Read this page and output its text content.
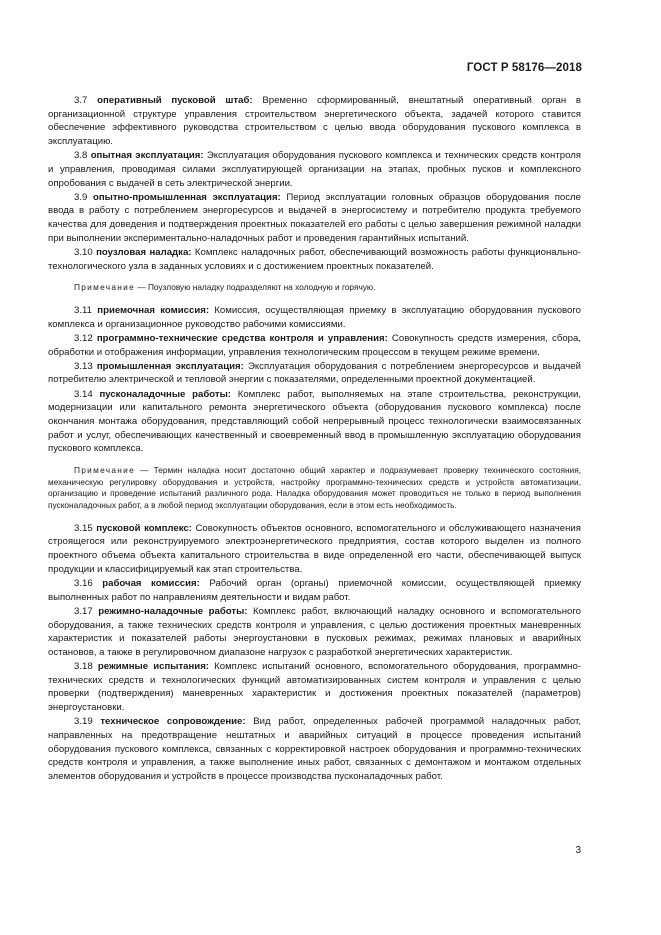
ГОСТ Р 58176—2018
3.7 оперативный пусковой штаб: Временно сформированный, внештатный оперативный орган в организационной структуре управления строительством энергетического объекта, задачей которого ставится обеспечение эффективного руководства строительством с целью ввода оборудования пускового комплекса в эксплуатацию.
3.8 опытная эксплуатация: Эксплуатация оборудования пускового комплекса и технических средств контроля и управления, проводимая силами эксплуатирующей организации на этапах, пробных пусков и комплексного опробования с выдачей в сеть электрической энергии.
3.9 опытно-промышленная эксплуатация: Период эксплуатации головных образцов оборудования после ввода в работу с потреблением энергоресурсов и выдачей в энергосистему и потребителю продукта требуемого качества для доведения и подтверждения проектных показателей его работы с целью завершения режимной наладки при выполнении экспериментально-наладочных работ и проведения гарантийных испытаний.
3.10 поузловая наладка: Комплекс наладочных работ, обеспечивающий возможность работы функционально-технологического узла в заданных условиях и с достижением проектных показателей.
Примечание — Поузловую наладку подразделяют на холодную и горячую.
3.11 приемочная комиссия: Комиссия, осуществляющая приемку в эксплуатацию оборудования пускового комплекса и организационное руководство рабочими комиссиями.
3.12 программно-технические средства контроля и управления: Совокупность средств измерения, сбора, обработки и отображения информации, управления технологическим процессом в текущем режиме времени.
3.13 промышленная эксплуатация: Эксплуатация оборудования с потреблением энергоресурсов и выдачей потребителю электрической и тепловой энергии с показателями, определенными проектной документацией.
3.14 пусконаладочные работы: Комплекс работ, выполняемых на этапе строительства, реконструкции, модернизации или капитального ремонта энергетического объекта (оборудования пускового комплекса) после окончания монтажа оборудования, представляющий собой непрерывный процесс технологически взаимосвязанных работ и услуг, обеспечивающих качественный и своевременный ввод в промышленную эксплуатацию оборудования пускового комплекса.
Примечание — Термин наладка носит достаточно общий характер и подразумевает проверку технического состояния, механическую регулировку оборудования и устройств, настройку программно-технических средств и устройств автоматизации, организацию и проведение испытаний различного рода. Наладка оборудования может проводиться не только в период выполнения пусконаладочных работ, а в любой период эксплуатации оборудования, если в этом есть необходимость.
3.15 пусковой комплекс: Совокупность объектов основного, вспомогательного и обслуживающего назначения строящегося или реконструируемого электроэнергетического предприятия, состав которого выделен из полного проектного объема объекта капитального строительства в виде определенной его части, обеспечивающей выпуск продукции и классифицируемый как этап строительства.
3.16 рабочая комиссия: Рабочий орган (органы) приемочной комиссии, осуществляющей приемку выполненных работ по направлениям деятельности и видам работ.
3.17 режимно-наладочные работы: Комплекс работ, включающий наладку основного и вспомогательного оборудования, а также технических средств контроля и управления, с целью достижения проектных маневренных характеристик и показателей работы энергоустановки в пусковых режимах, режимах плановых и аварийных остановов, а также в регулировочном диапазоне нагрузок с разработкой энергетических характеристик.
3.18 режимные испытания: Комплекс испытаний основного, вспомогательного оборудования, программно-технических средств и технологических функций автоматизированных систем контроля и управления с целью проверки (подтверждения) маневренных характеристик и достижения проектных показателей (параметров) энергоустановки.
3.19 техническое сопровождение: Вид работ, определенных рабочей программой наладочных работ, направленных на предотвращение нештатных и аварийных ситуаций в процессе проведения испытаний оборудования пускового комплекса, связанных с корректировкой настроек оборудования и программно-технических средств контроля и управления, а также выполнение иных работ, связанных с демонтажом и монтажом отдельных элементов оборудования и устройств в процессе производства пусконаладочных работ.
3
